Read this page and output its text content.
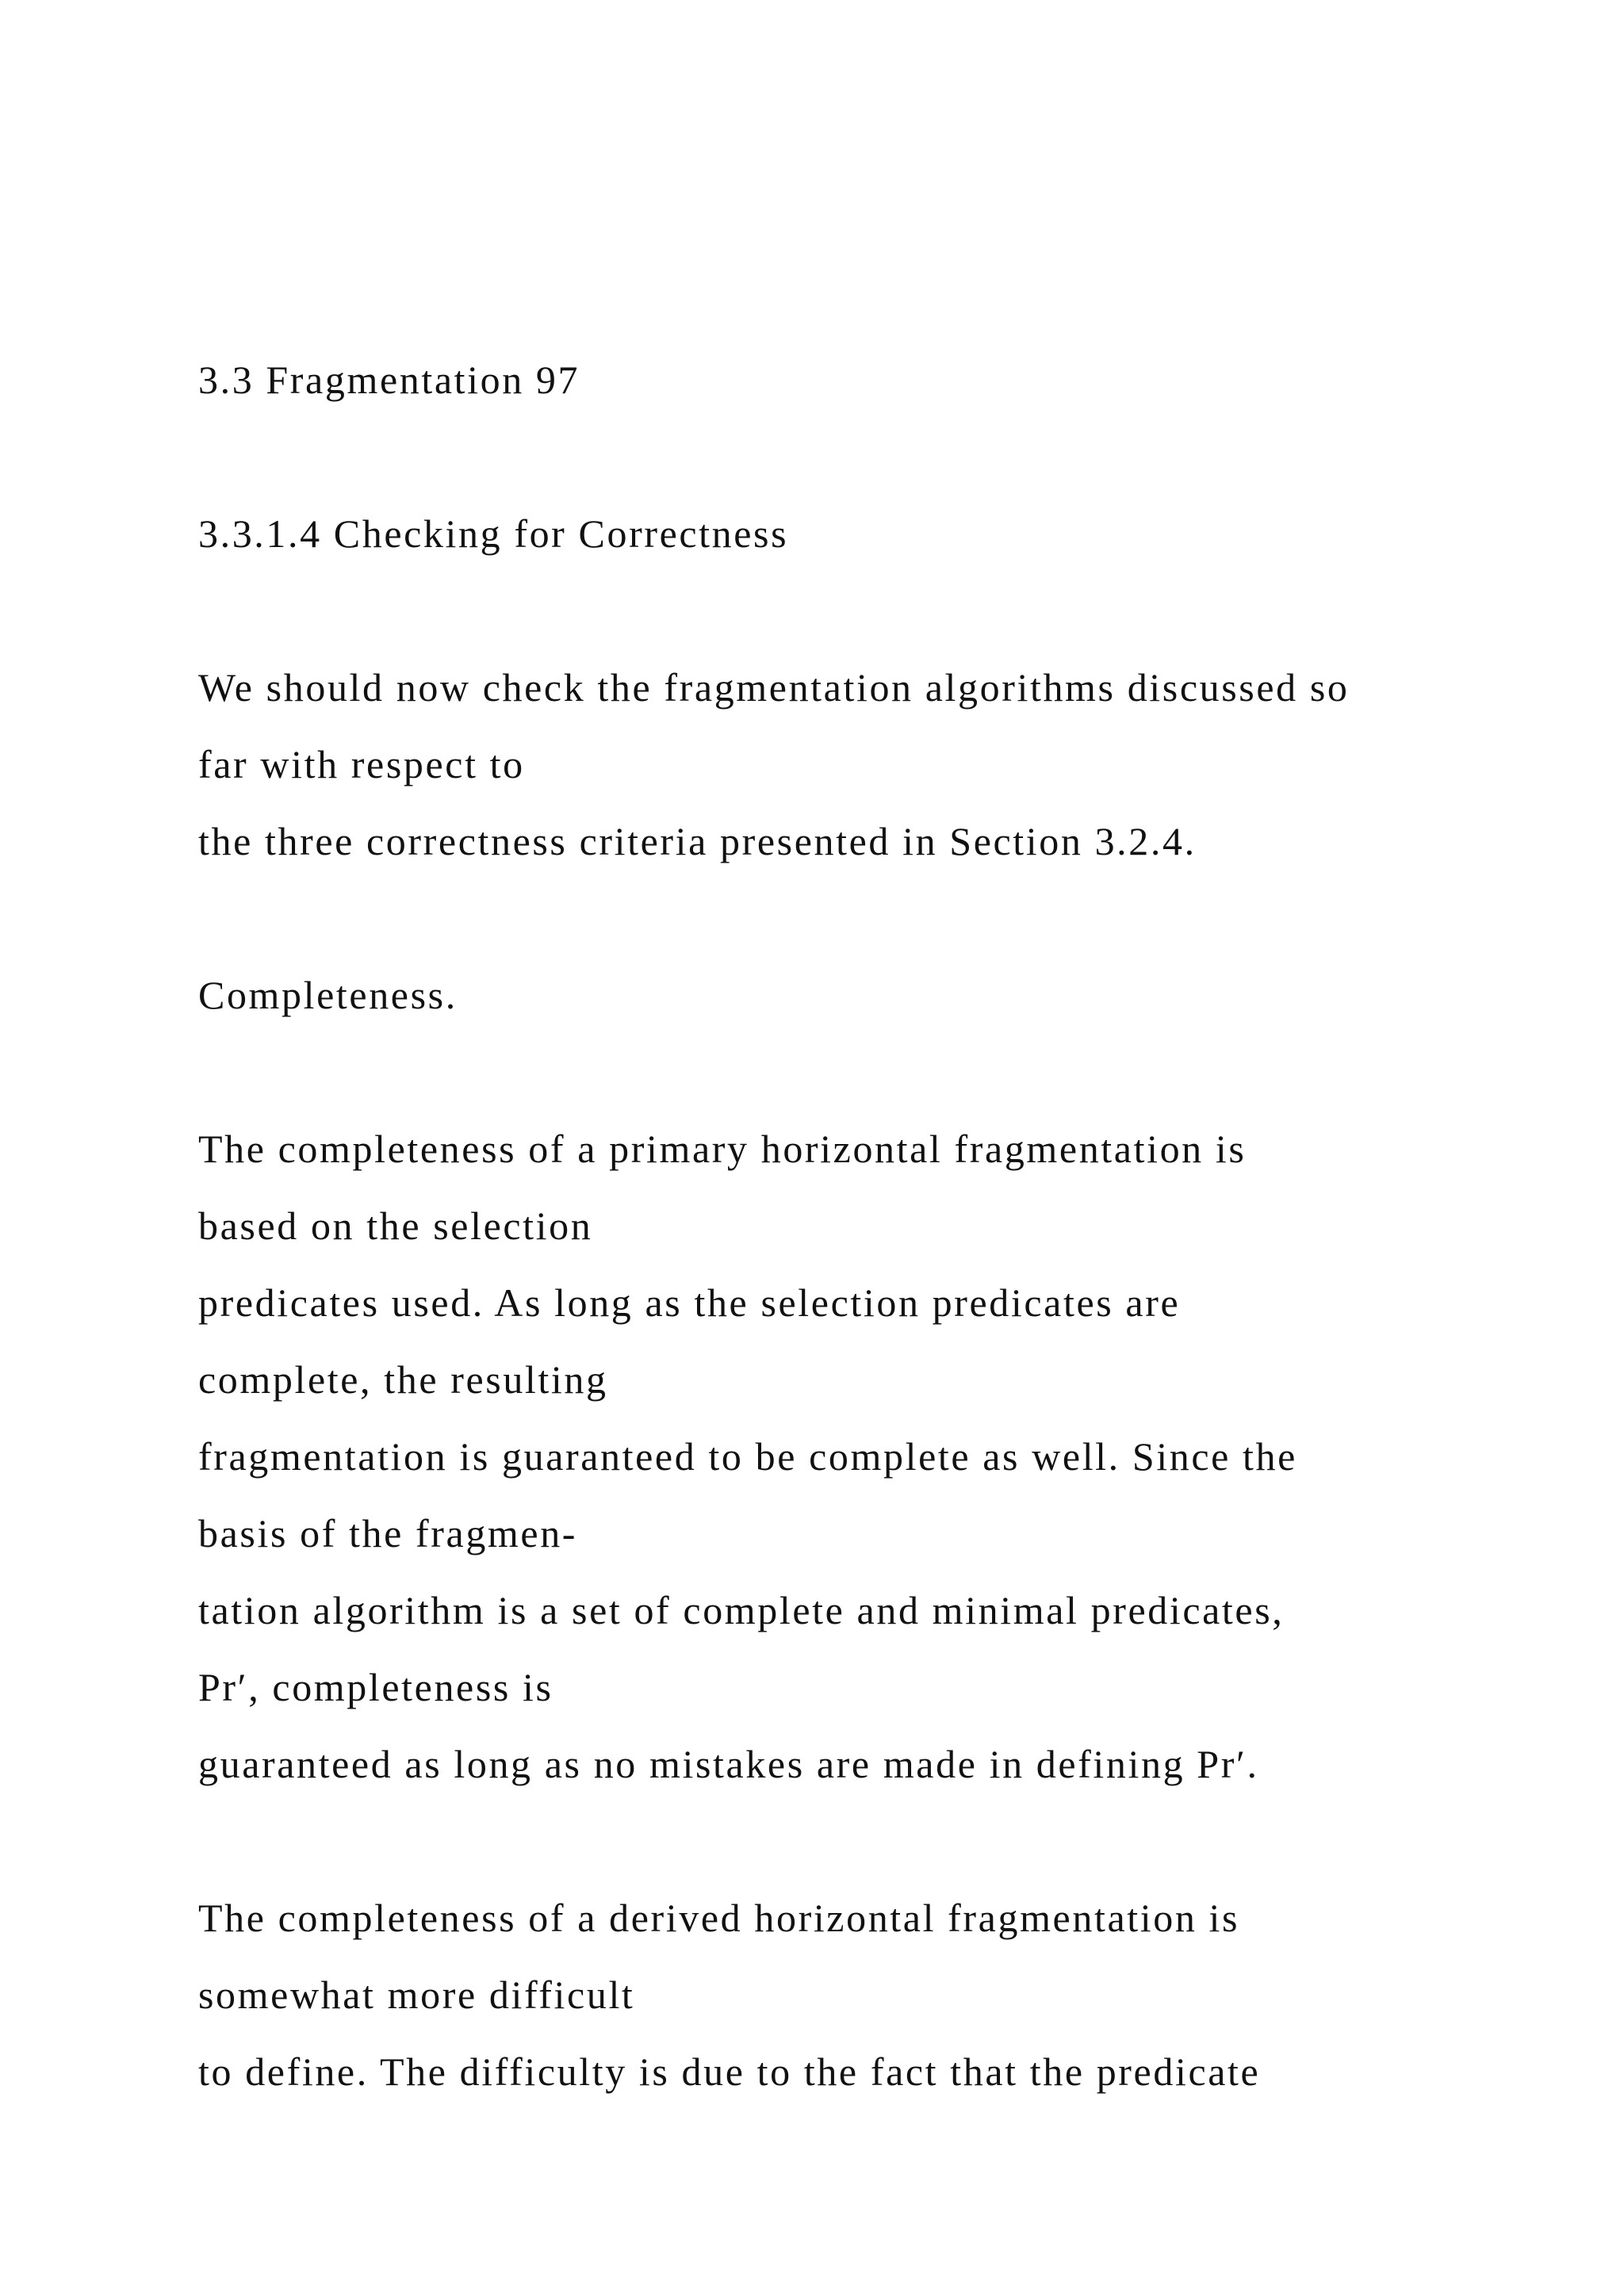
3.3 Fragmentation 97
3.3.1.4 Checking for Correctness
We should now check the fragmentation algorithms discussed so
far with respect to
the three correctness criteria presented in Section 3.2.4.
Completeness.
The completeness of a primary horizontal fragmentation is
based on the selection
predicates used. As long as the selection predicates are
complete, the resulting
fragmentation is guaranteed to be complete as well. Since the
basis of the fragmen-
tation algorithm is a set of complete and minimal predicates,
Pr′, completeness is
guaranteed as long as no mistakes are made in defining Pr′.
The completeness of a derived horizontal fragmentation is
somewhat more difficult
to define. The difficulty is due to the fact that the predicate
